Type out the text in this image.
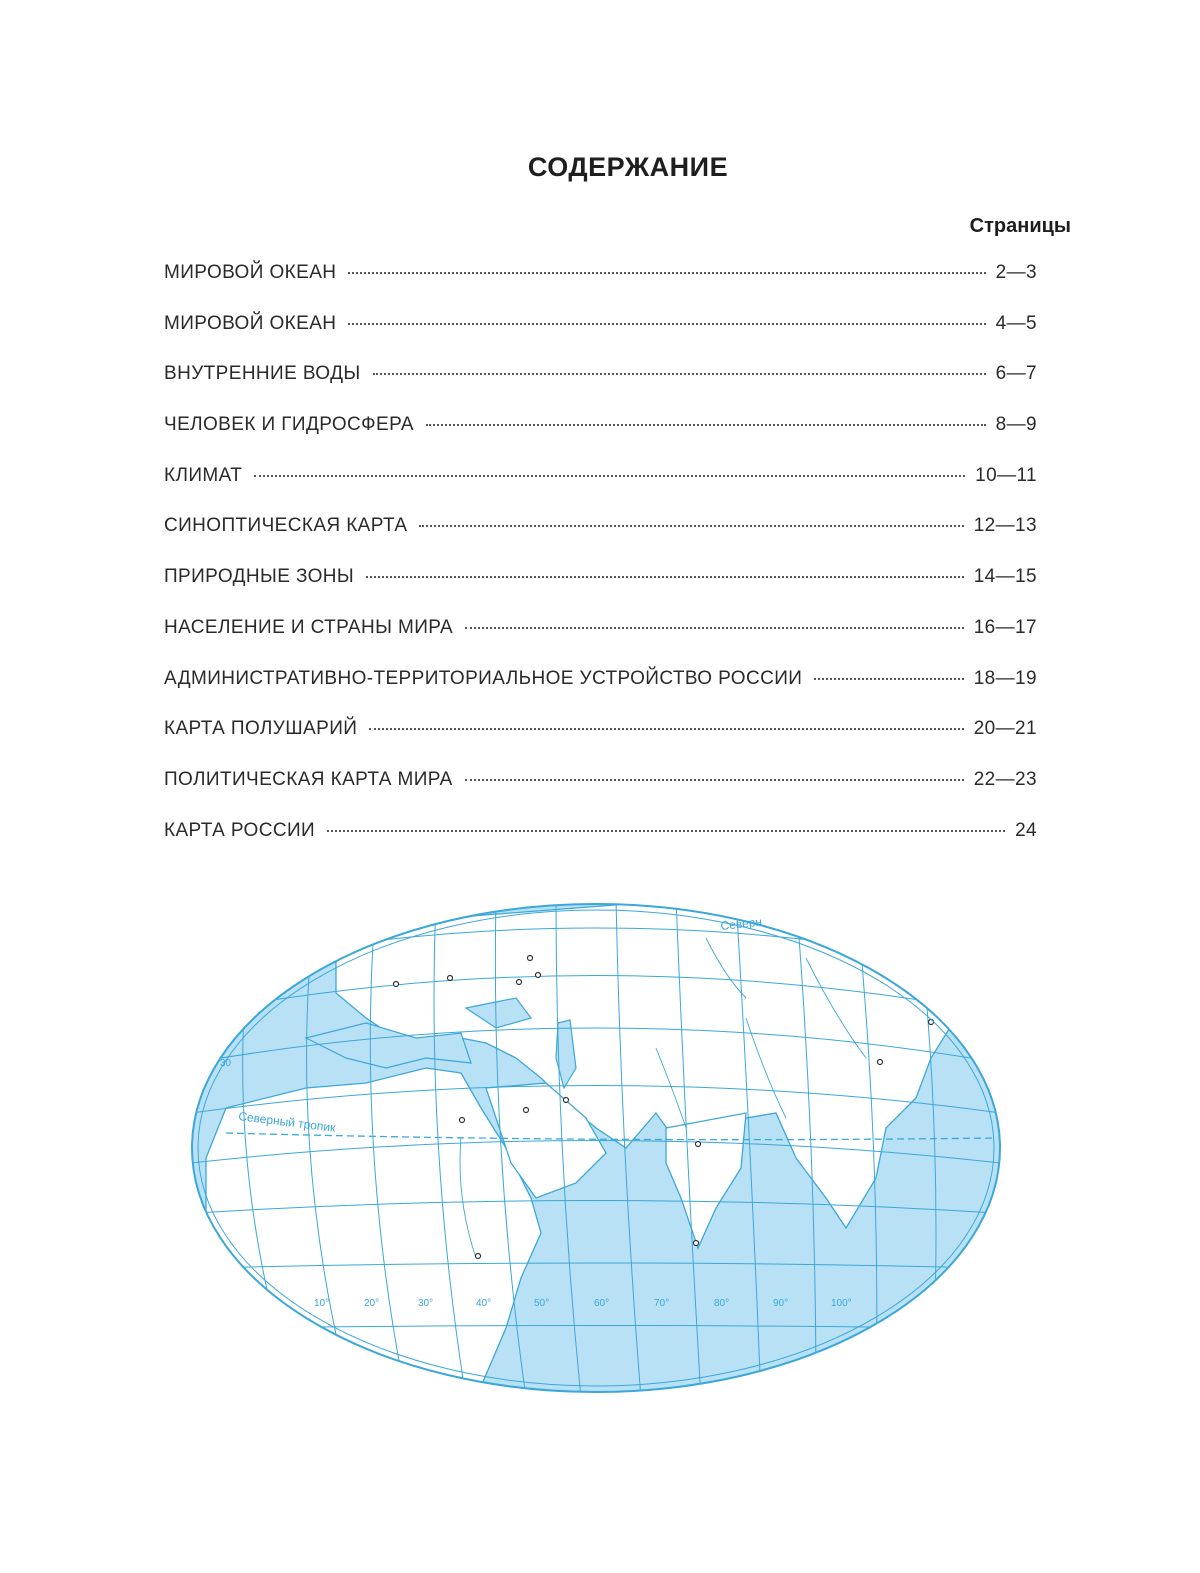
СОДЕРЖАНИЕ
Страницы
МИРОВОЙ ОКЕАН	2—3
МИРОВОЙ ОКЕАН	4—5
ВНУТРЕННИЕ ВОДЫ	6—7
ЧЕЛОВЕК И ГИДРОСФЕРА	8—9
КЛИМАТ	10—11
СИНОПТИЧЕСКАЯ КАРТА	12—13
ПРИРОДНЫЕ ЗОНЫ	14—15
НАСЕЛЕНИЕ И СТРАНЫ МИРА	16—17
АДМИНИСТРАТИВНО-ТЕРРИТОРИАЛЬНОЕ УСТРОЙСТВО РОССИИ	18—19
КАРТА ПОЛУШАРИЙ	20—21
ПОЛИТИЧЕСКАЯ КАРТА МИРА	22—23
КАРТА РОССИИ	24
Северный тропик
Северн
30
10°	20°	30°	40°	50°	60°	70°	80°	90°	100°
